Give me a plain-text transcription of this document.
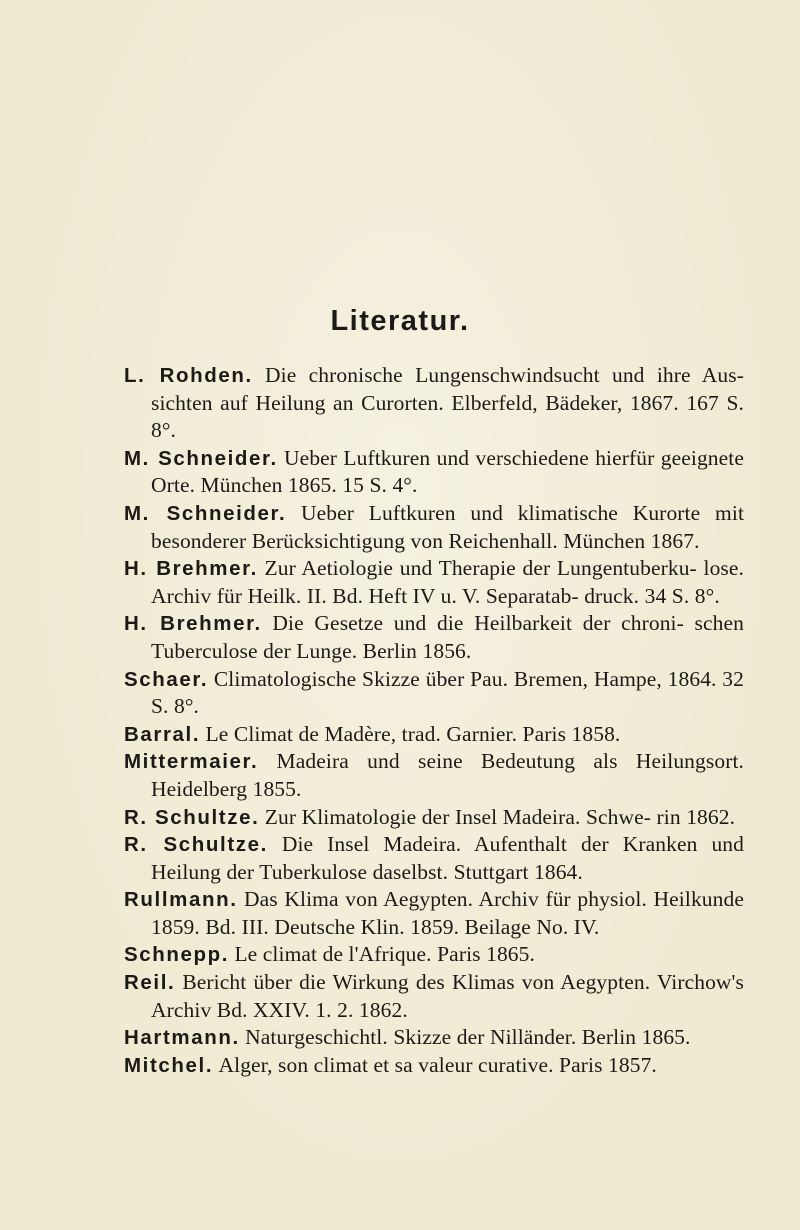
Literatur.
L. Rohden. Die chronische Lungenschwindsucht und ihre Aus- sichten auf Heilung an Curorten. Elberfeld, Bädeker, 1867. 167 S. 8°.
M. Schneider. Ueber Luftkuren und verschiedene hierfür geeignete Orte. München 1865. 15 S. 4°.
M. Schneider. Ueber Luftkuren und klimatische Kurorte mit besonderer Berücksichtigung von Reichenhall. München 1867.
H. Brehmer. Zur Aetiologie und Therapie der Lungentuberku- lose. Archiv für Heilk. II. Bd. Heft IV u. V. Separatab- druck. 34 S. 8°.
H. Brehmer. Die Gesetze und die Heilbarkeit der chroni- schen Tuberculose der Lunge. Berlin 1856.
Schaer. Climatologische Skizze über Pau. Bremen, Hampe, 1864. 32 S. 8°.
Barral. Le Climat de Madère, trad. Garnier. Paris 1858.
Mittermaier. Madeira und seine Bedeutung als Heilungsort. Heidelberg 1855.
R. Schultze. Zur Klimatologie der Insel Madeira. Schwe- rin 1862.
R. Schultze. Die Insel Madeira. Aufenthalt der Kranken und Heilung der Tuberkulose daselbst. Stuttgart 1864.
Rullmann. Das Klima von Aegypten. Archiv für physiol. Heilkunde 1859. Bd. III. Deutsche Klin. 1859. Beilage No. IV.
Schnepp. Le climat de l'Afrique. Paris 1865.
Reil. Bericht über die Wirkung des Klimas von Aegypten. Virchow's Archiv Bd. XXIV. 1. 2. 1862.
Hartmann. Naturgeschichtl. Skizze der Nilländer. Berlin 1865.
Mitchel. Alger, son climat et sa valeur curative. Paris 1857.
